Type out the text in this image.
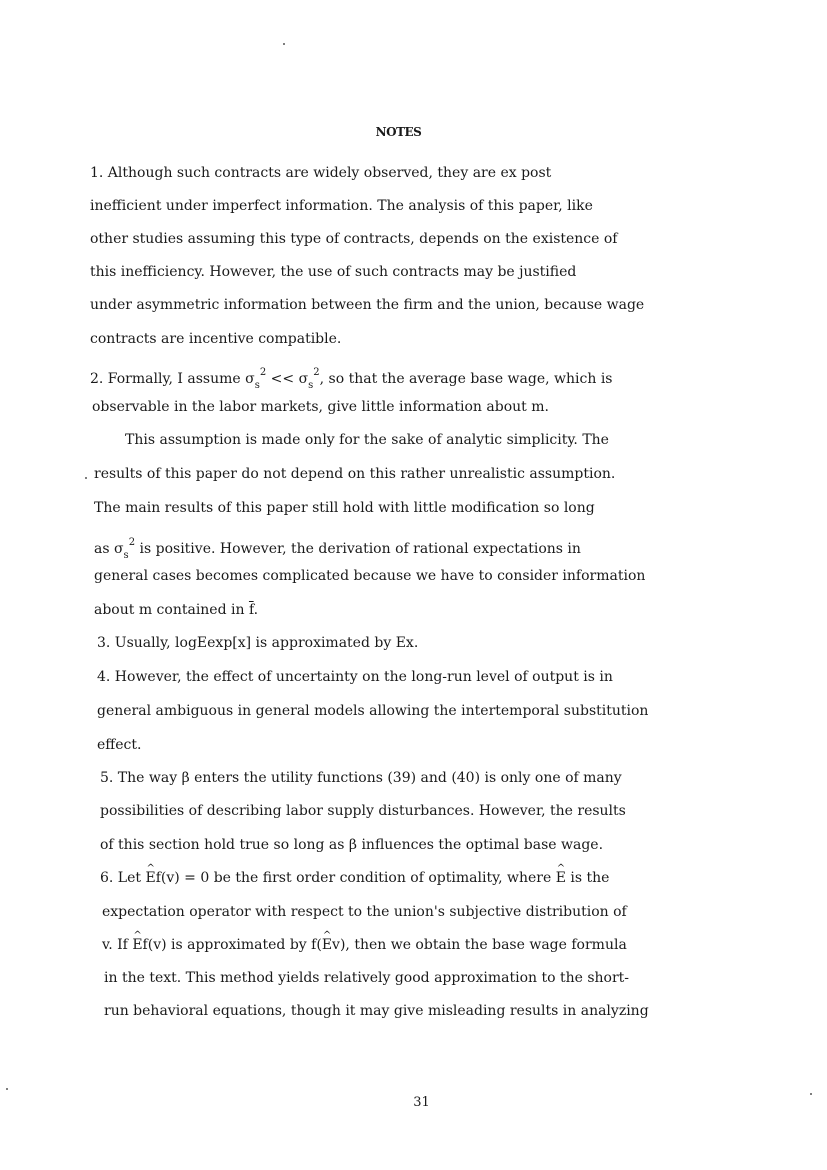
NOTES
1. Although such contracts are widely observed, they are ex post
inefficient under imperfect information. The analysis of this paper, like
other studies assuming this type of contracts, depends on the existence of
this inefficiency. However, the use of such contracts may be justified
under asymmetric information between the firm and the union, because wage
contracts are incentive compatible.
2. Formally, I assume $\sigma_s^2 << \sigma_s^2$, so that the average base wage, which is
observable in the labor markets, give little information about m.
This assumption is made only for the sake of analytic simplicity. The
results of this paper do not depend on this rather unrealistic assumption.
The main results of this paper still hold with little modification so long
as $\sigma_s^2$ is positive. However, the derivation of rational expectations in
general cases becomes complicated because we have to consider information
about m contained in $\overline{f}$.
3. Usually, logEexp[x] is approximated by Ex.
4. However, the effect of uncertainty on the long-run level of output is in
general ambiguous in general models allowing the intertemporal substitution
effect.
5. The way β enters the utility functions (39) and (40) is only one of many
possibilities of describing labor supply disturbances. However, the results
of this section hold true so long as β influences the optimal base wage.
6. Let ^ Ef(v) = 0 be the first order condition of optimality, where ^ E is the
expectation operator with respect to the union's subjective distribution of
v. If ^ Ef(v) is approximated by f(^ Ev), then we obtain the base wage formula
in the text. This method yields relatively good approximation to the short-
run behavioral equations, though it may give misleading results in analyzing
31
